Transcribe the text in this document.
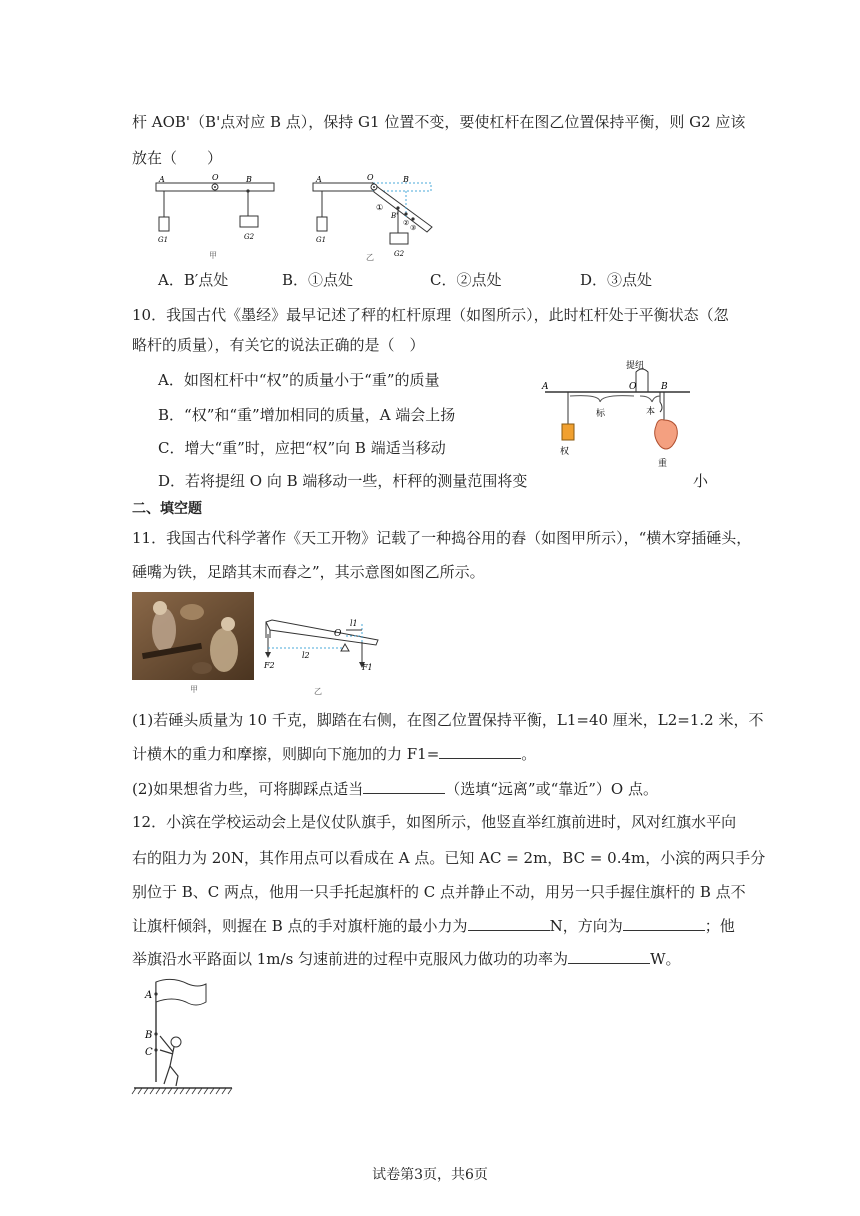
杆 AOB'（B'点对应 B 点），保持 G1 位置不变，要使杠杆在图乙位置保持平衡，则 G2 应该
放在（　　）
A	O	B
G1	G2
甲
A	O	B
B'
①
②
③
G1
G2
乙
A．B′点处	B．①点处	C．②点处	D．③点处
10．我国古代《墨经》最早记述了秤的杠杆原理（如图所示），此时杠杆处于平衡状态（忽
略杆的质量），有关它的说法正确的是（　）
A．如图杠杆中“权”的质量小于“重”的质量
B．“权”和“重”增加相同的质量，A 端会上扬
C．增大“重”时，应把“权”向 B 端适当移动
D．若将提纽 O 向 B 端移动一些，杆秤的测量范围将变	小
提纽
A	O	B
标	本
权
重
二、填空题
11．我国古代科学著作《天工开物》记载了一种捣谷用的舂（如图甲所示），“横木穿插硾头，
硾嘴为铁，足踏其末而舂之”，其示意图如图乙所示。
甲
O
l1
l2
F2	F1
乙
(1)若硾头质量为 10 千克，脚踏在右侧，在图乙位置保持平衡，L1=40 厘米，L2=1.2 米，不
计横木的重力和摩擦，则脚向下施加的力 F1=	。
(2)如果想省力些，可将脚踩点适当	（选填“远离”或“靠近”）O 点。
12．小滨在学校运动会上是仪仗队旗手，如图所示，他竖直举红旗前进时，风对红旗水平向
右的阻力为 20N，其作用点可以看成在 A 点。已知 AC = 2m，BC = 0.4m，小滨的两只手分
别位于 B、C 两点，他用一只手托起旗杆的 C 点并静止不动，用另一只手握住旗杆的 B 点不
让旗杆倾斜，则握在 B 点的手对旗杆施的最小力为	N，方向为	；他
举旗沿水平路面以 1m/s 匀速前进的过程中克服风力做功的功率为	W。
A
B
C
试卷第3页，共6页
